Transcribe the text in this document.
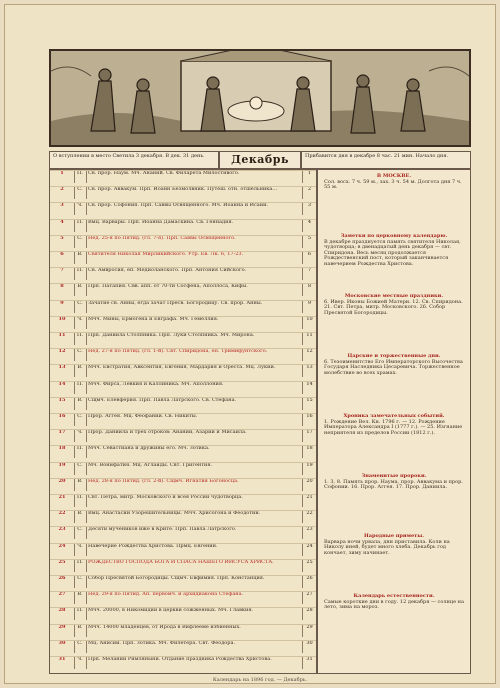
О вступлении в место Светила 3 декабря. В дек. 31 день.	Декабрь	Прибавится дня в декабре 8 час. 21 мин. Начало дня.
1	П.	Св. прор. Наум. Мч. Ананий. Св. Филарета Милостивого.	1
2	С.	Св. прор. Аввакум. Прп. Иоанн Безмолвник. Путеш. отн. отшельника...	2
3	Ч.	Св. прор. Софония. Прп. Саввы Освященного. Мч. Иоанна и Исаии.	3
4	П.	Вмц. Варвары. Прп. Иоанна Дамаскина. Св. Геннадия.	4
5	С.	Нед. 25-я по Пятид. (гл. 7-я). Прп. Саввы Освященного.	5
6	В.	Святителя Николая Мирликийского. Утр. Ев. Лк. 6, 17-23.	6
7	П.	Св. Амвросия, еп. Медиоланского. Прп. Антония Сийского.	7
8	В.	Прп. Патапия. Свв. апп. от 70-ти Сосфена, Аполлоса, Кифы.	8
9	С.	Зачатие св. Анны, егда зачат Пресв. Богородицу. Св. прор. Анны.	9
10	Ч.	Мчч. Мины, Ермогена и Евграфа. Мч. Гемеллия.	10
11	П.	Прп. Даниила Столпника. Прп. Луки Столпника. Мч. Мирона.	11
12	С.	Нед. 27-я по Пятид. (гл. 1-й). Свт. Спиридона, еп. Тримифунтского.	12
13	В.	Мчч. Евстратия, Авксентия, Евгения, Мардария и Ореста. Мц. Лукии.	13
14	П.	Мчч. Фирса, Левкия и Каллиника. Мч. Аполлония.	14
15	В.	Сщмч. Елевферия. Прп. Павла Латрского. Св. Стефана.	15
16	С.	Прор. Аггея. Мц. Феофании. Св. Никиты.	16
17	Ч.	Прор. Даниила и трех отроков: Анании, Азарии и Мисаила.	17
18	П.	Мчч. Севастиана и дружины его. Мч. Зотика.	18
19	С.	Мч. Вонифатия. Мц. Аглаиды. Свт. Григентия.	19
20	В.	Нед. 28-я по Пятид. (гл. 2-й). Сщмч. Игнатия Богоносца.	20
21	П.	Свт. Петра, митр. Московского и всея России чудотворца.	21
22	В.	Вмц. Анастасии Узорешительницы. Мчч. Хрисогона и Феодотии.	22
23	С.	Десяти мучеников иже в Крите. Прп. Павла Латрского.	23
24	Ч.	Навечерие Рождества Христова. Прмц. Евгении.	24
25	П.	РОЖДЕСТВО ГОСПОДА БОГА И СПАСА НАШЕГО ИИСУСА ХРИСТА.	25
26	С.	Собор Пресвятой Богородицы. Сщмч. Евфимия. Прп. Констанция.	26
27	В.	Нед. 29-я по Пятид. Ап. первомч. и архидиакона Стефана.	27
28	П.	Мчч. 20000, в Никомидии в церкви сожженных. Мч. Главкия.	28
29	В.	Мчч. 14000 младенцев, от Ирода в Вифлееме избиенных.	29
30	С.	Мц. Анисии. Прп. Зотика. Мч. Филетера. Свт. Феодора.	30
31	Ч.	Прп. Мелании Римляныни. Отдание праздника Рождества Христова.	31
В МОСКВЕ.
Сол. восх. 7 ч. 59 м., зах. 3 ч. 54 м. Долгота дня 7 ч. 55 м.
Заметки по церковному календарю.
В декабре празднуется память святителя Николая, чудотворца; в двенадцатый день декабря — свт. Спиридона. Весь месяц продолжается Рождественский пост, который заканчивается навечерием Рождества Христова.
Московские местные праздники.
6. Ивер. Иконы Божией Матери. 12. Св. Спиридона. 21. Свт. Петра, митр. Московского. 26. Собор Пресвятой Богородицы.
Царские и торжественные дни.
6. Тезоименитство Его Императорского Высочества Государя Наследника Цесаревича. Торжественное молебствие во всех храмах.
Хроника замечательных событий.
1. Рождение Вел. Кн. 1796 г. — 12. Рождение Императора Александра I (1777 г.). — 25. Изгнание неприятеля из пределов России (1812 г.).
Знаменитые пророки.
1. 3, 8. Память прор. Наума, прор. Аввакума и прор. Софонии. 16. Прор. Аггея. 17. Прор. Даниила.
Народные приметы.
Варвара ночи урвала, дни приставила. Коли на Николу иней, будет много хлеба. Декабрь год кончает, зиму начинает.
Календарь естественности.
Самые короткие дни в году. 12 декабря — солнце на лето, зима на мороз.
Календарь на 1896 год. — Декабрь.
